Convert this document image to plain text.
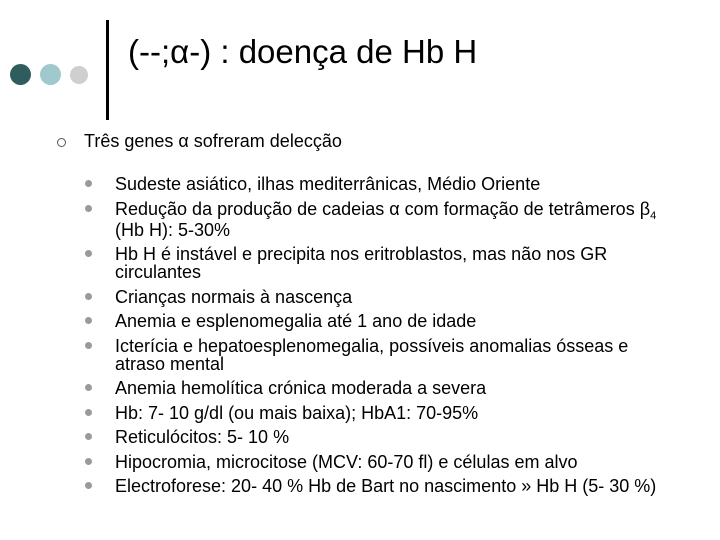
(--;α-) : doença de Hb H
Três genes α sofreram delecção
Sudeste asiático, ilhas mediterrânicas, Médio Oriente
Redução da produção de cadeias α com formação de tetrâmeros $\beta_4$ (Hb H): 5-30%
Hb H é instável e precipita nos eritroblastos, mas não nos GR circulantes
Crianças normais à nascença
Anemia e esplenomegalia até 1 ano de idade
Icterícia e hepatoesplenomegalia, possíveis anomalias ósseas e atraso mental
Anemia hemolítica crónica moderada a severa
Hb: 7- 10 g/dl (ou mais baixa); HbA1: 70-95%
Reticulócitos: 5- 10 %
Hipocromia, microcitose (MCV: 60-70 fl) e células em alvo
Electroforese: 20- 40 % Hb de Bart no nascimento » Hb H (5- 30 %)
